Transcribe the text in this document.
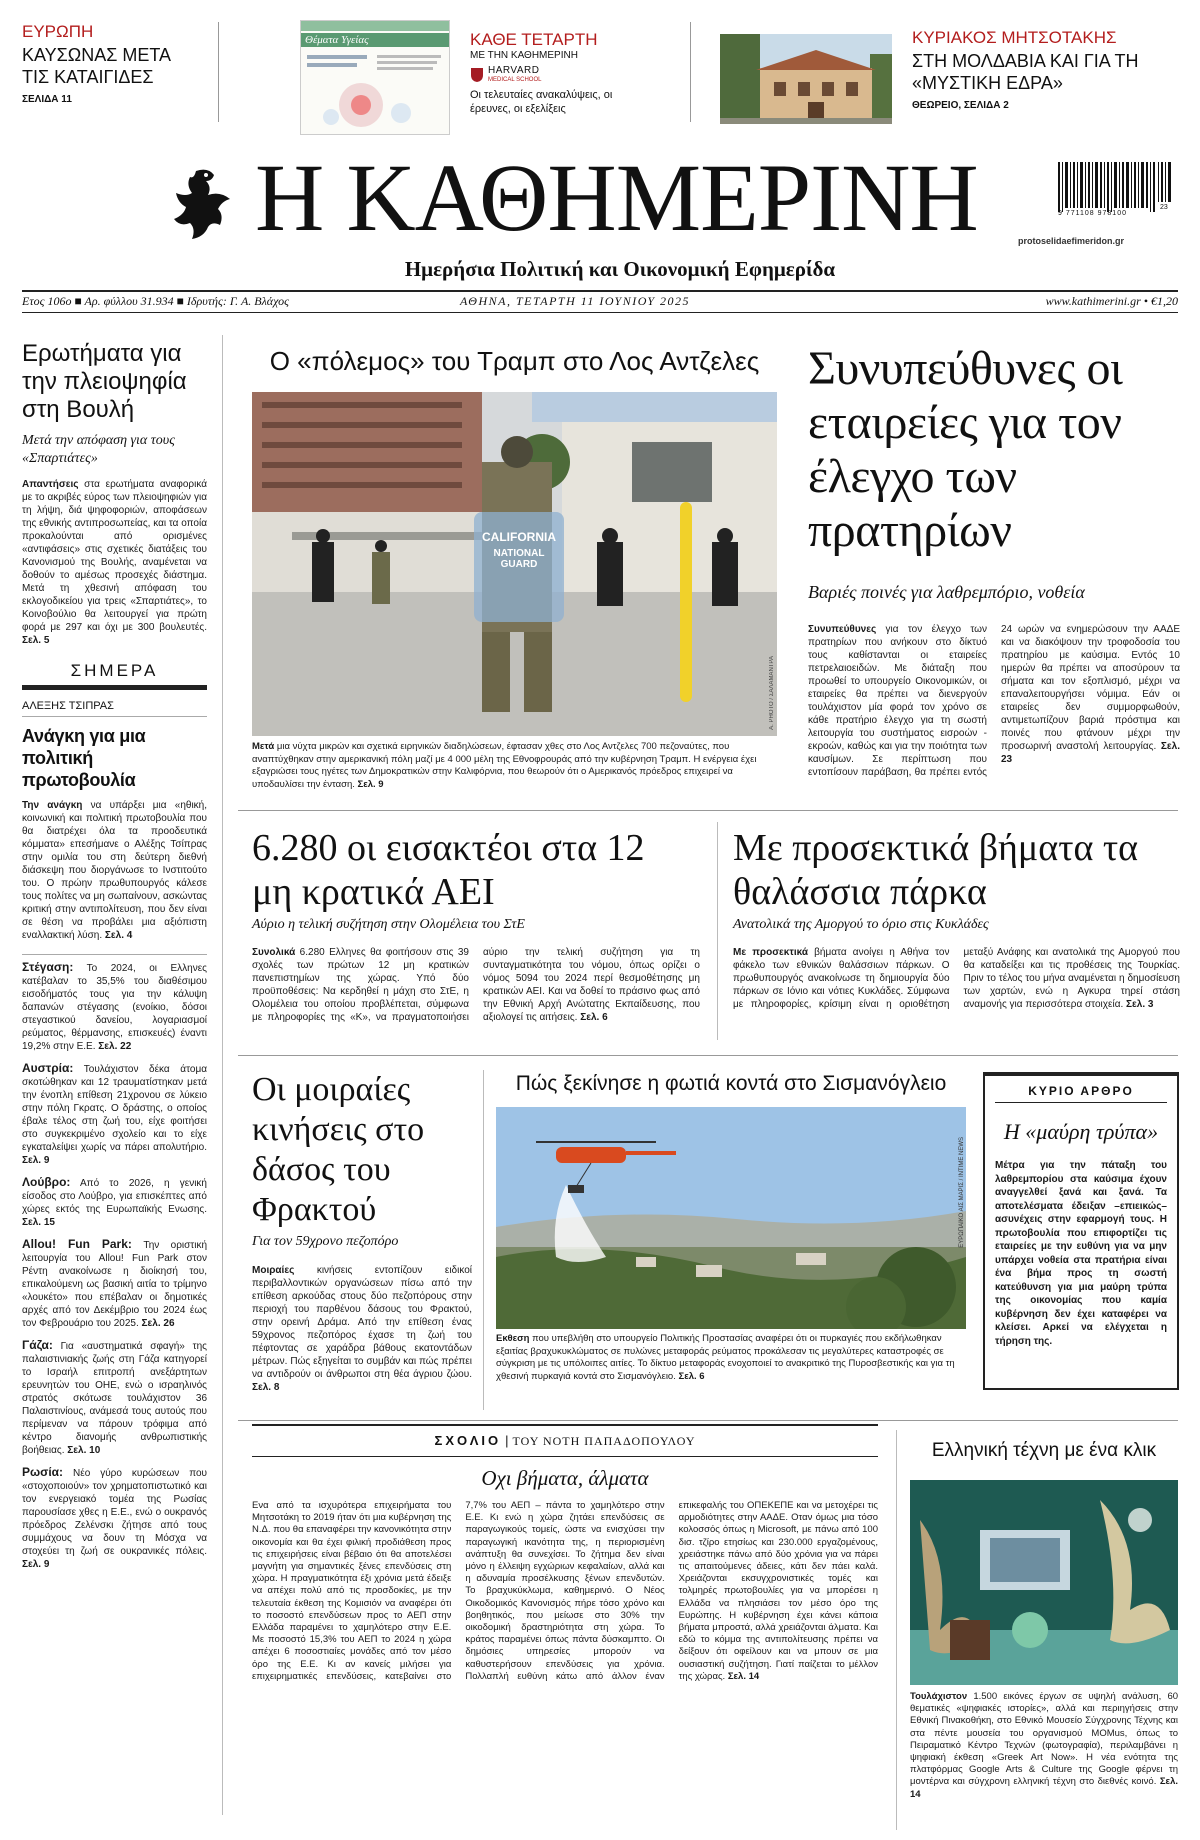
ΕΥΡΩΠΗ
ΚΑΥΣΩΝΑΣ ΜΕΤΑ ΤΙΣ ΚΑΤΑΙΓΙΔΕΣ
ΣΕΛΙΔΑ 11
Θέματα Υγείας	ΚΑΘΕ ΤΕΤΑΡΤΗ
ΜΕ ΤΗΝ ΚΑΘΗΜΕΡΙΝΗ
HARVARD
MEDICAL SCHOOL
Οι τελευταίες ανακαλύψεις, οι έρευνες, οι εξελίξεις
ΚΥΡΙΑΚΟΣ ΜΗΤΣΟΤΑΚΗΣ
ΣΤΗ ΜΟΛΔΑΒΙΑ ΚΑΙ ΓΙΑ ΤΗ «ΜΥΣΤΙΚΗ ΕΔΡΑ»
ΘΕΩΡΕΙΟ, ΣΕΛΙΔΑ 2
Η ΚΑΘΗΜΕΡΙΝΗ
Ημερήσια Πολιτική και Οικονομική Εφημερίδα
9 771108 978100
23
protoselidaefimeridon.gr
Ετος 106ο ■ Αρ. φύλλου 31.934 ■ Ιδρυτής: Γ. Α. Βλάχος	ΑΘΗΝΑ, ΤΕΤΑΡΤΗ 11 ΙΟΥΝΙΟΥ 2025	www.kathimerini.gr • €1,20
Ερωτήματα για την πλειοψηφία στη Βουλή
Μετά την απόφαση για τους «Σπαρτιάτες»
Απαντήσεις στα ερωτήματα αναφορικά με το ακριβές εύρος των πλειοψηφιών για τη λήψη, διά ψηφοφοριών, αποφάσεων της εθνικής αντιπροσωπείας, και τα οποία προκαλούνται από ορισμένες «αντιφάσεις» στις σχετικές διατάξεις του Κανονισμού της Βουλής, αναμένεται να δοθούν το αμέσως προσεχές διάστημα. Μετά τη χθεσινή απόφαση του εκλογοδικείου για τρεις «Σπαρτιάτες», το Κοινοβούλιο θα λειτουργεί για πρώτη φορά με 297 και όχι με 300 βουλευτές. Σελ. 5
ΣΗΜΕΡΑ
ΑΛΕΞΗΣ ΤΣΙΠΡΑΣ
Ανάγκη για μια πολιτική πρωτοβουλία
Την ανάγκη να υπάρξει μια «ηθική, κοινωνική και πολιτική πρωτοβουλία που θα διατρέχει όλα τα προοδευτικά κόμματα» επεσήμανε ο Αλέξης Τσίπρας στην ομιλία του στη δεύτερη διεθνή διάσκεψη που διοργάνωσε το Ινστιτούτο του. Ο πρώην πρωθυπουργός κάλεσε τους πολίτες να μη σωπαίνουν, ασκώντας κριτική στην αντιπολίτευση, που δεν είναι σε θέση να προβάλει μια αξιόπιστη εναλλακτική λύση. Σελ. 4
Στέγαση: Το 2024, οι Ελληνες κατέβαλαν το 35,5% του διαθέσιμου εισοδήματός τους για την κάλυψη δαπανών στέγασης (ενοίκιο, δόσοι στεγαστικού δανείου, λογαριασμοί ρεύματος, θέρμανσης, επισκευές) έναντι 19,2% στην Ε.Ε. Σελ. 22
Αυστρία: Τουλάχιστον δέκα άτομα σκοτώθηκαν και 12 τραυματίστηκαν μετά την ένοπλη επίθεση 21χρονου σε λύκειο στην πόλη Γκρατς. Ο δράστης, ο οποίος έβαλε τέλος στη ζωή του, είχε φοιτήσει στο συγκεκριμένο σχολείο και το είχε εγκαταλείψει χωρίς να πάρει απολυτήριο. Σελ. 9
Λούβρο: Από το 2026, η γενική είσοδος στο Λούβρο, για επισκέπτες από χώρες εκτός της Ευρωπαϊκής Ενωσης. Σελ. 15
Allou! Fun Park: Την οριστική λειτουργία του Allou! Fun Park στον Ρέντη ανακοίνωσε η διοίκησή του, επικαλούμενη ως βασική αιτία το τρίμηνο «λουκέτο» που επέβαλαν οι δημοτικές αρχές από τον Δεκέμβριο του 2024 έως τον Φεβρουάριο του 2025. Σελ. 26
Γάζα: Για «αυστηματικά σφαγή» της παλαιστινιακής ζωής στη Γάζα κατηγορεί το Ισραήλ επιτροπή ανεξάρτητων ερευνητών του ΟΗΕ, ενώ ο ισραηλινός στρατός σκότωσε τουλάχιστον 36 Παλαιστινίους, ανάμεσά τους αυτούς που περίμεναν να πάρουν τρόφιμα από κέντρο διανομής ανθρωπιστικής βοήθειας. Σελ. 10
Ρωσία: Νέο γύρο κυρώσεων που «στοχοποιούν» τον χρηματοπιστωτικό και τον ενεργειακό τομέα της Ρωσίας παρουσίασε χθες η Ε.Ε., ενώ ο ουκρανός πρόεδρος Ζελένσκι ζήτησε από τους συμμάχους να δουν τη Μόσχα να στοχεύει τη ζωή σε ουκρανικές πόλεις. Σελ. 9
Ο «πόλεμος» του Τραμπ στο Λος Αντζελες
CALIFORNIA
NATIONAL GUARD
A. PHOTO / ΣΑΛΑΜΑΝΤΡΑ
Μετά μια νύχτα μικρών και σχετικά ειρηνικών διαδηλώσεων, έφτασαν χθες στο Λος Αντζελες 700 πεζοναύτες, που αναπτύχθηκαν στην αμερικανική πόλη μαζί με 4 000 μέλη της Εθνοφρουράς από την κυβέρνηση Τραμπ. Η ενέργεια έχει εξαγριώσει τους ηγέτες των Δημοκρατικών στην Καλιφόρνια, που θεωρούν ότι ο Αμερικανός πρόεδρος επιχειρεί να υποδαυλίσει την ένταση. Σελ. 9
Συνυπεύθυνες οι εταιρείες για τον έλεγχο των πρατηρίων
Βαριές ποινές για λαθρεμπόριο, νοθεία
Συνυπεύθυνες για τον έλεγχο των πρατηρίων που ανήκουν στο δίκτυό τους καθίστανται οι εταιρείες πετρελαιοειδών. Με διάταξη που προωθεί το υπουργείο Οικονομικών, οι εταιρείες θα πρέπει να διενεργούν τουλάχιστον μία φορά τον χρόνο σε κάθε πρατήριο έλεγχο για τη σωστή λειτουργία του συστήματος εισροών - εκροών, καθώς και για την ποιότητα των καυσίμων. Σε περίπτωση που εντοπίσουν παράβαση, θα πρέπει εντός 24 ωρών να ενημερώσουν την ΑΑΔΕ και να διακόψουν την τροφοδοσία του πρατηρίου με καύσιμα. Εντός 10 ημερών θα πρέπει να αποσύρουν τα σήματα και τον εξοπλισμό, μέχρι να επαναλειτουργήσει νόμιμα. Εάν οι εταιρείες δεν συμμορφωθούν, αντιμετωπίζουν βαριά πρόστιμα και ποινές που φτάνουν μέχρι την προσωρινή αναστολή λειτουργίας. Σελ. 23
6.280 οι εισακτέοι στα 12 μη κρατικά ΑΕΙ
Αύριο η τελική συζήτηση στην Ολομέλεια του ΣτΕ
Συνολικά 6.280 Ελληνες θα φοιτήσουν στις 39 σχολές των πρώτων 12 μη κρατικών πανεπιστημίων της χώρας. Υπό δύο προϋποθέσεις: Να κερδηθεί η μάχη στο ΣτΕ, η Ολομέλεια του οποίου προβλέπεται, σύμφωνα με πληροφορίες της «Κ», να πραγματοποιήσει αύριο την τελική συζήτηση για τη συνταγματικότητα του νόμου, όπως ορίζει ο νόμος 5094 του 2024 περί θεσμοθέτησης μη κρατικών ΑΕΙ. Και να δοθεί το πράσινο φως από την Εθνική Αρχή Ανώτατης Εκπαίδευσης, που αξιολογεί τις αιτήσεις. Σελ. 6
Με προσεκτικά βήματα τα θαλάσσια πάρκα
Ανατολικά της Αμοργού το όριο στις Κυκλάδες
Με προσεκτικά βήματα ανοίγει η Αθήνα τον φάκελο των εθνικών θαλάσσιων πάρκων. Ο πρωθυπουργός ανακοίνωσε τη δημιουργία δύο πάρκων σε Ιόνιο και νότιες Κυκλάδες. Σύμφωνα με πληροφορίες, κρίσιμη είναι η οριοθέτηση μεταξύ Ανάφης και ανατολικά της Αμοργού που θα καταδείξει και τις προθέσεις της Τουρκίας. Πριν το τέλος του μήνα αναμένεται η δημοσίευση των χαρτών, ενώ η Αγκυρα τηρεί στάση αναμονής για περισσότερα στοιχεία. Σελ. 3
Οι μοιραίες κινήσεις στο δάσος του Φρακτού
Για τον 59χρονο πεζοπόρο
Μοιραίες κινήσεις εντοπίζουν ειδικοί περιβαλλοντικών οργανώσεων πίσω από την επίθεση αρκούδας στους δύο πεζοπόρους στην περιοχή του παρθένου δάσους του Φρακτού, στην ορεινή Δράμα. Από την επίθεση ένας 59χρονος πεζοπόρος έχασε τη ζωή του πέφτοντας σε χαράδρα βάθους εκατοντάδων μέτρων. Πώς εξηγείται το συμβάν και πώς πρέπει να αντιδρούν οι άνθρωποι στη θέα άγριου ζώου. Σελ. 8
Πώς ξεκίνησε η φωτιά κοντά στο Σισμανόγλειο
ΕΥΡΩΠΑΪΚΟ ΑΙΣ ΜΑΡΙΣ / INTIME NEWS
Εκθεση που υπεβλήθη στο υπουργείο Πολιτικής Προστασίας αναφέρει ότι οι πυρκαγιές που εκδήλωθηκαν εξαιτίας βραχυκυκλώματος σε πυλώνες μεταφοράς ρεύματος προκάλεσαν τις μεγαλύτερες καταστροφές σε σύγκριση με τις υπόλοιπες αιτίες. Το δίκτυο μεταφοράς ενοχοποιεί το ανακριτικό της Πυροσβεστικής και για τη χθεσινή πυρκαγιά κοντά στο Σισμανόγλειο. Σελ. 6
ΚΥΡΙΟ ΑΡΘΡΟ
Η «μαύρη τρύπα»
Μέτρα για την πάταξη του λαθρεμπορίου στα καύσιμα έχουν αναγγελθεί ξανά και ξανά. Τα αποτελέσματα έδειξαν –επιεικώς– ασυνέχεις στην εφαρμογή τους. Η πρωτοβουλία που επιφορτίζει τις εταιρείες με την ευθύνη για να μην υπάρχει νοθεία στα πρατήρια είναι ένα βήμα προς τη σωστή κατεύθυνση για μια μαύρη τρύπα της οικονομίας που καμία κυβέρνηση δεν έχει καταφέρει να κλείσει. Αρκεί να ελέγχεται η τήρηση της.
ΣΧΟΛΙΟ | ΤΟΥ ΝΟΤΗ ΠΑΠΑΔΟΠΟΥΛΟΥ
Οχι βήματα, άλματα
Ενα από τα ισχυρότερα επιχειρήματα του Μητσοτάκη το 2019 ήταν ότι μια κυβέρνηση της Ν.Δ. που θα επαναφέρει την κανονικότητα στην οικονομία και θα έχει φιλική προδιάθεση προς τις επιχειρήσεις είναι βέβαιο ότι θα αποτελέσει μαγνήτη για σημαντικές ξένες επενδύσεις στη χώρα. Η πραγματικότητα έξι χρόνια μετά έδειξε να απέχει πολύ από τις προσδοκίες, με την τελευταία έκθεση της Κομισιόν να αναφέρει ότι το ποσοστό επενδύσεων προς το ΑΕΠ στην Ελλάδα παραμένει το χαμηλότερο στην Ε.Ε. Με ποσοστό 15,3% του ΑΕΠ το 2024 η χώρα απέχει 6 ποσοστιαίες μονάδες από τον μέσο όρο της Ε.Ε. Κι αν κανείς μιλήσει για επιχειρηματικές επενδύσεις, κατεβαίνει στο 7,7% του ΑΕΠ – πάντα το χαμηλότερο στην Ε.Ε. Κι ενώ η χώρα ζητάει επενδύσεις σε παραγωγικούς τομείς, ώστε να ενισχύσει την παραγωγική ικανότητα της, η περιορισμένη ανάπτυξη θα συνεχίσει. Το ζήτημα δεν είναι μόνο η έλλειψη εγχώριων κεφαλαίων, αλλά και η αδυναμία προσέλκυσης ξένων επενδυτών. Το βραχυκύκλωμα, καθημερινό. Ο Νέος Οικοδομικός Κανονισμός πήρε τόσο χρόνο και βοηθητικός, που μείωσε στο 30% την οικοδομική δραστηριότητα στη χώρα. Το κράτος παραμένει όπως πάντα δύσκαμπτο. Οι δημόσιες υπηρεσίες μπορούν να καθυστερήσουν επενδύσεις για χρόνια. Πολλαπλή ευθύνη κάτω από άλλον έναν επικεφαλής του ΟΠΕΚΕΠΕ και να μετοχέρει τις αρμοδιότητες στην ΑΑΔΕ. Οταν όμως μια τόσο κολοσσός όπως η Microsoft, με πάνω από 100 δισ. τζίρο ετησίως και 230.000 εργαζομένους, χρειάστηκε πάνω από δύο χρόνια για να πάρει τις απαιτούμενες άδειες, κάτι δεν πάει καλά. Χρειάζονται εκσυγχρονιστικές τομές και τολμηρές πρωτοβουλίες για να μπορέσει η Ελλάδα να πλησιάσει τον μέσο όρο της Ευρώπης. Η κυβέρνηση έχει κάνει κάποια βήματα μπροστά, αλλά χρειάζονται άλματα. Και εδώ το κόμμα της αντιπολίτευσης πρέπει να δείξουν ότι οφείλουν και να μπουν σε μια ουσιαστική συζήτηση. Γιατί παίζεται το μέλλον της χώρας. Σελ. 14
Ελληνική τέχνη με ένα κλικ
Τουλάχιστον 1.500 εικόνες έργων σε υψηλή ανάλυση, 60 θεματικές «ψηφιακές ιστορίες», αλλά και περιηγήσεις στην Εθνική Πινακοθήκη, στο Εθνικό Μουσείο Σύγχρονης Τέχνης και στα πέντε μουσεία του οργανισμού MOMus, όπως το Πειραματικό Κέντρο Τεχνών (φωτογραφία), περιλαμβάνει η ψηφιακή έκθεση «Greek Art Now». Η νέα ενότητα της πλατφόρμας Google Arts & Culture της Google φέρνει τη μοντέρνα και σύγχρονη ελληνική τέχνη στο διεθνές κοινό. Σελ. 14
